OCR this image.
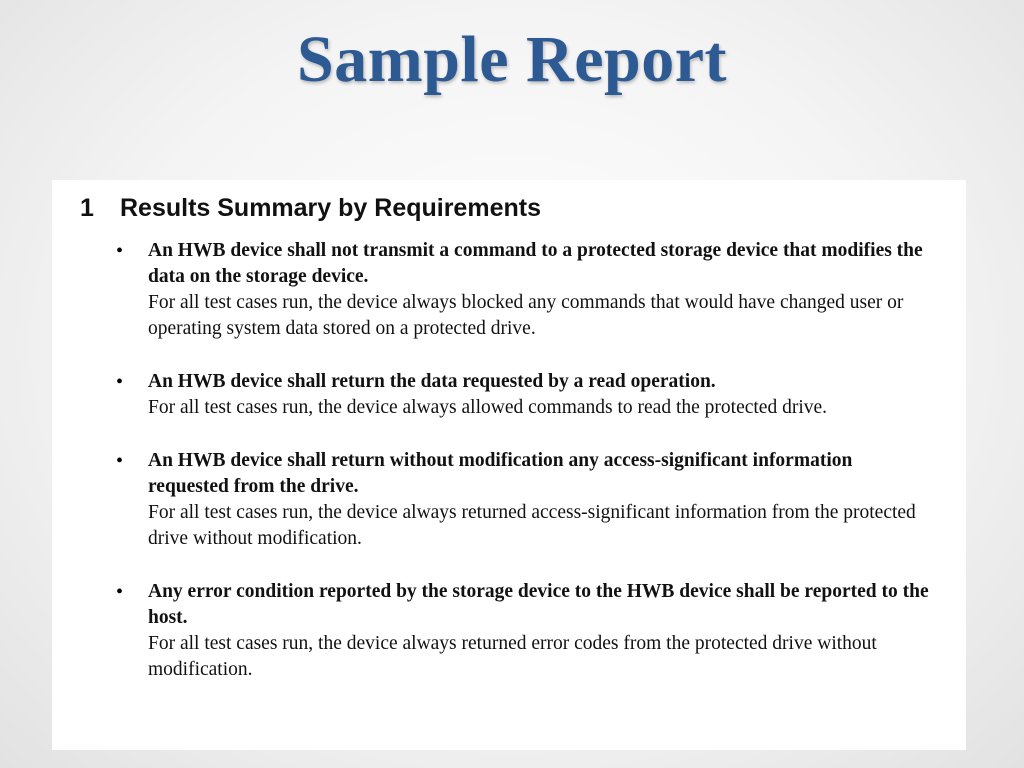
Sample Report
1	Results Summary by Requirements
•	An HWB device shall not transmit a command to a protected storage device that modifies the data on the storage device.
For all test cases run, the device always blocked any commands that would have changed user or operating system data stored on a protected drive.
•	An HWB device shall return the data requested by a read operation.
For all test cases run, the device always allowed commands to read the protected drive.
•	An HWB device shall return without modification any access-significant information requested from the drive.
For all test cases run, the device always returned access-significant information from the protected drive without modification.
•	Any error condition reported by the storage device to the HWB device shall be reported to the host.
For all test cases run, the device always returned error codes from the protected drive without modification.
